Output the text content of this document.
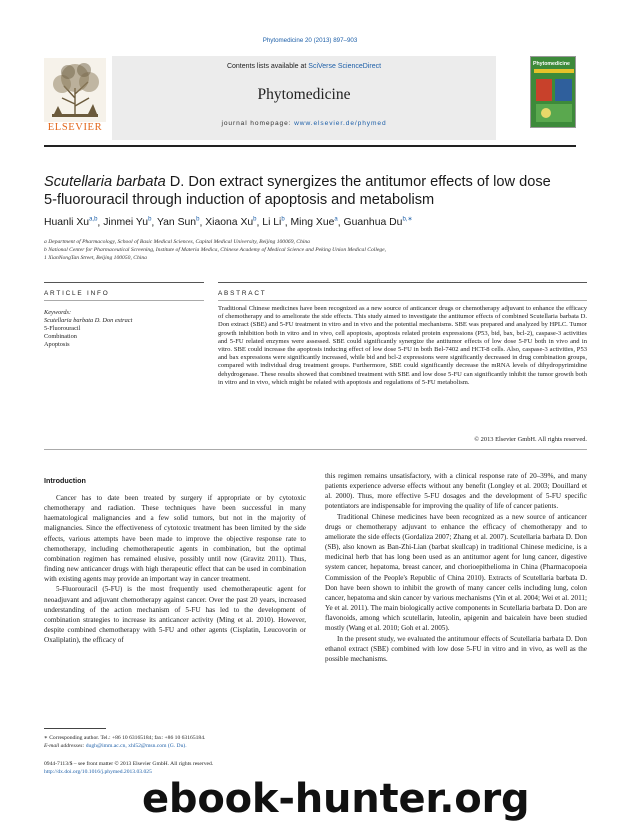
Phytomedicine 20 (2013) 897–903
ELSEVIER
Contents lists available at SciVerse ScienceDirect
Phytomedicine
journal homepage: www.elsevier.de/phymed
Phytomedicine
Scutellaria barbata D. Don extract synergizes the antitumor effects of low dose
5-fluorouracil through induction of apoptosis and metabolism
Huanli Xu$^{a,b}$, Jinmei Yu$^b$, Yan Sun$^b$, Xiaona Xu$^b$, Li Li$^b$, Ming Xue$^a$, Guanhua $Du^{b,∗}$
a Department of Pharmacology, School of Basic Medical Sciences, Capital Medical University, Beijing 100069, China
b National Center for Pharmaceutical Screening, Institute of Materia Medica, Chinese Academy of Medical Science and Peking Union Medical College,
1 XianNongTan Street, Beijing 100050, China
ARTICLE INFO	ABSTRACT
Keywords:
Scutellaria barbata D. Don extract
5-Fluorouracil
Combination
Apoptosis
Traditional Chinese medicines have been recognized as a new source of anticancer drugs or chemotherapy adjuvant to enhance the efficacy of chemotherapy and to ameliorate the side effects. This study aimed to investigate the antitumor effects of combined Scutellaria barbata D. Don extract (SBE) and 5-FU treatment in vitro and in vivo and the potential mechanisms. SBE was prepared and analyzed by HPLC. Tumor growth inhibition both in vitro and in vivo, cell apoptosis, apoptosis related protein expressions (P53, bid, bax, bcl-2), caspase-3 activities and 5-FU related enzymes were assessed. SBE could significantly synergize the antitumor effects of low dose 5-FU both in vivo and in vitro. SBE could increase the apoptosis inducing effect of low dose 5-FU in both Bel-7402 and HCT-8 cells. Also, caspase-3 activities, P53 and bax expressions were significantly increased, while bid and bcl-2 expressions were significantly decreased in drug combination groups, compared with individual drug treatment groups. Furthermore, SBE could significantly decrease the mRNA levels of dihydropyrimidine dehydrogenase. These results showed that combined treatment with SBE and low dose 5-FU can significantly inhibit the tumor growth both in vitro and in vivo, which might be related with apoptosis and regulations of 5-FU metabolism.
© 2013 Elsevier GmbH. All rights reserved.
Introduction

Cancer has to date been treated by surgery if appropriate or by cytotoxic chemotherapy and radiation. These techniques have been successful in many haematological malignancies and a few solid tumors, but not in the majority of malignancies. Since the effectiveness of cytotoxic treatment has been limited by the side effects, various attempts have been made to improve the objective response rate to chemotherapy, including chemotherapeutic agents in combination, but the optimal combination regimen has remained elusive, possibly until now (Gravitz 2011). Thus, finding new anticancer drugs with high therapeutic effect that can be used in combination with existing agents may provide an important way in cancer treatment.

5-Fluorouracil (5-FU) is the most frequently used chemotherapeutic agent for neoadjuvant and adjuvant chemotherapy against cancer. Over the past 20 years, increased understanding of the action mechanism of 5-FU has led to the development of combination strategies to increase its anticancer activity (Ming et al. 2010). However, despite combined chemotherapy with 5-FU and other agents (Cisplatin, Leucovorin or Oxaliplatin), the efficacy of

this regimen remains unsatisfactory, with a clinical response rate of 20–39%, and many patients experience adverse effects without any benefit (Longley et al. 2003; Douillard et al. 2000). Thus, more effective 5-FU dosages and the development of 5-FU specific potentiators are indispensable for improving the quality of life of cancer patients.

Traditional Chinese medicines have been recognized as a new source of anticancer drugs or chemotherapy adjuvant to enhance the efficacy of chemotherapy and to ameliorate the side effects (Gordaliza 2007; Zhang et al. 2007). Scutellaria barbata D. Don (SB), also known as Ban-Zhi-Lian (barbat skullcap) in traditional Chinese medicine, is a medicinal herb that has long been used as an antitumor agent for lung cancer, digestive system cancer, hepatoma, breast cancer, and chorioepithelioma in China (Pharmacopoeia Commission of the People's Republic of China 2010). Extracts of Scutellaria barbata D. Don have been shown to inhibit the growth of many cancer cells including lung, colon cancer, hepatoma and skin cancer by various mechanisms (Yin et al. 2004; Wei et al. 2011; Ye et al. 2011). The main biologically active components in Scutellaria barbata D. Don are flavonoids, among which scutellarin, luteolin, apigenin and baicalein have been studied mostly (Wang et al. 2010; Goh et al. 2005).

In the present study, we evaluated the antitumour effects of Scutellaria barbata D. Don ethanol extract (SBE) combined with low dose 5-FU in vitro and in vivo, as well as the possible mechanisms.

∗ Corresponding author. Tel.: +86 10 63165184; fax: +86 10 63165184.
E-mail addresses: dugh@imm.ac.cn, xhl52@msn.com (G. Du).
0944-7113/$ – see front matter © 2013 Elsevier GmbH. All rights reserved.
http://dx.doi.org/10.1016/j.phymed.2013.03.025
ebook-hunter.org
